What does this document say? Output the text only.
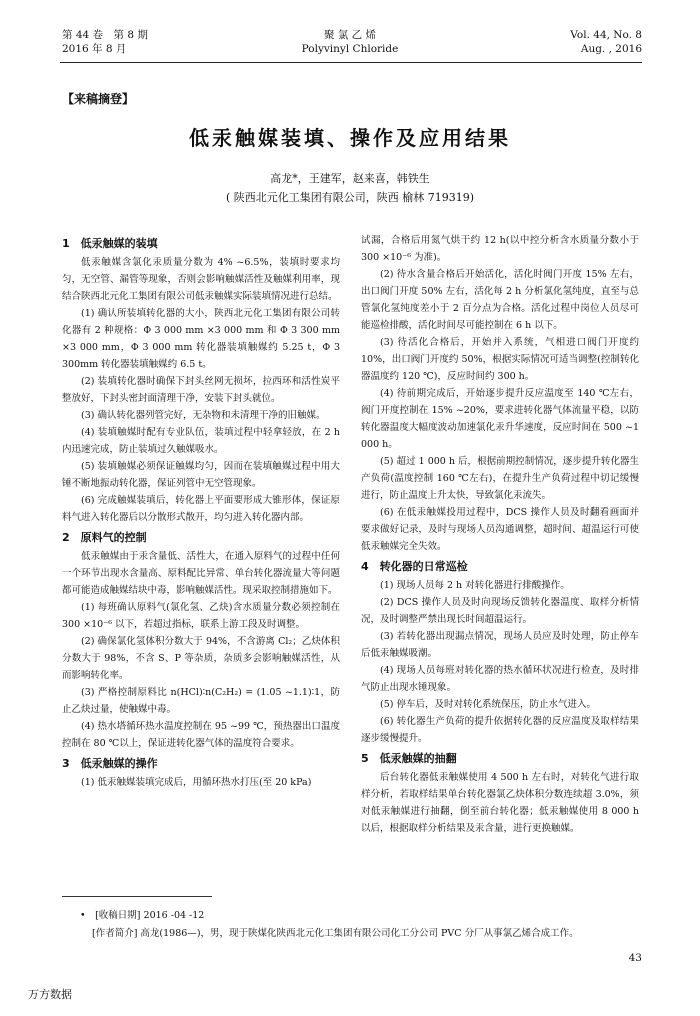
第 44 卷　第 8 期
2016 年 8 月
聚 氯 乙 烯
Polyvinyl Chloride
Vol. 44, No. 8
Aug. , 2016
【来稿摘登】
低汞触媒装填、操作及应用结果
高龙*，王建军，赵来喜，韩铁生
( 陕西北元化工集团有限公司，陕西 榆林 719319)
1　低汞触媒的装填

低汞触媒含氯化汞质量分数为 4% ~6.5%，装填时要求均匀，无空管、漏管等现象，否则会影响触媒活性及触媒利用率，现结合陕西北元化工集团有限公司低汞触媒实际装填情况进行总结。

(1) 确认所装填转化器的大小，陕西北元化工集团有限公司转化器有 2 种规格：Φ 3 000 mm ×3 000 mm 和 Φ 3 300 mm ×3 000 mm，Φ 3 000 mm 转化器装填触媒约 5.25 t，Φ 3 300mm 转化器装填触媒约 6.5 t。

(2) 装填转化器时确保下封头丝网无损坏，拉西环和活性炭平整放好，下封头密封面清理干净，安装下封头就位。

(3) 确认转化器列管完好，无杂物和未清理干净的旧触媒。

(4) 装填触媒时配有专业队伍，装填过程中轻拿轻放，在 2 h 内迅速完成，防止装填过久触媒吸水。

(5) 装填触媒必须保证触媒均匀，因而在装填触媒过程中用大锤不断地振动转化器，保证列管中无空管现象。

(6) 完成触媒装填后，转化器上平面要形成大锥形体，保证原料气进入转化器后以分散形式散开，均匀进入转化器内部。

2　原料气的控制

低汞触媒由于汞含量低、活性大，在通入原料气的过程中任何一个环节出现水含量高、原料配比异常、单台转化器流量大等问题都可能造成触媒结块中毒，影响触媒活性。现采取控制措施如下。

(1) 每班确认原料气(氯化氢、乙炔)含水质量分数必须控制在 300 ×10⁻⁶ 以下，若超过指标，联系上游工段及时调整。

(2) 确保氯化氢体积分数大于 94%，不含游离 Cl₂；乙炔体积分数大于 98%，不含 S、P 等杂质，杂质多会影响触媒活性，从而影响转化率。

(3) 严格控制原料比 n(HCl)∶n(C₂H₂) = (1.05 ~1.1)∶1，防止乙炔过量，使触媒中毒。

(4) 热水塔循环热水温度控制在 95 ~99 ℃，预热器出口温度控制在 80 ℃以上，保证进转化器气体的温度符合要求。

3　低汞触媒的操作

(1) 低汞触媒装填完成后，用循环热水打压(至 20 kPa)

试漏，合格后用氮气烘干约 12 h(以中控分析含水质量分数小于 300 ×10⁻⁶ 为准)。

(2) 待水含量合格后开始活化，活化时阀门开度 15% 左右，出口阀门开度 50% 左右，活化每 2 h 分析氯化氢纯度，直至与总管氯化氢纯度差小于 2 百分点为合格。活化过程中岗位人员尽可能巡检排酸，活化时间尽可能控制在 6 h 以下。

(3) 待活化合格后，开始并入系统，气相进口阀门开度约 10%，出口阀门开度约 50%，根据实际情况可适当调整(控制转化器温度约 120 ℃)，反应时间约 300 h。

(4) 待前期完成后，开始逐步提升反应温度至 140 ℃左右，阀门开度控制在 15% ~20%，要求进转化器气体流量平稳，以防转化器温度大幅度波动加速氯化汞升华速度，反应时间在 500 ~1 000 h。

(5) 超过 1 000 h 后，根据前期控制情况，逐步提升转化器生产负荷(温度控制 160 ℃左右)，在提升生产负荷过程中切记缓慢进行，防止温度上升太快，导致氯化汞流失。

(6) 在低汞触媒投用过程中，DCS 操作人员及时翻看画面并要求做好记录，及时与现场人员沟通调整，超时间、超温运行可使低汞触媒完全失效。

4　转化器的日常巡检

(1) 现场人员每 2 h 对转化器进行排酸操作。

(2) DCS 操作人员及时向现场反馈转化器温度、取样分析情况，及时调整严禁出现长时间超温运行。

(3) 若转化器出现漏点情况，现场人员应及时处理，防止停车后低汞触媒吸潮。

(4) 现场人员每班对转化器的热水循环状况进行检查，及时排气防止出现水锤现象。

(5) 停车后，及时对转化系统保压，防止水气进入。

(6) 转化器生产负荷的提升依据转化器的反应温度及取样结果逐步缓慢提升。

5　低汞触媒的抽翻

后台转化器低汞触媒使用 4 500 h 左右时，对转化气进行取样分析，若取样结果单台转化器氯乙炔体积分数连续超 3.0%，须对低汞触媒进行抽翻，倒至前台转化器；低汞触媒使用 8 000 h 以后，根据取样分析结果及汞含量，进行更换触媒。

•　[收稿日期] 2016 -04 -12
[作者简介] 高龙(1986—)，男，现于陕煤化陕西北元化工集团有限公司化工分公司 PVC 分厂从事氯乙烯合成工作。
43
万方数据
